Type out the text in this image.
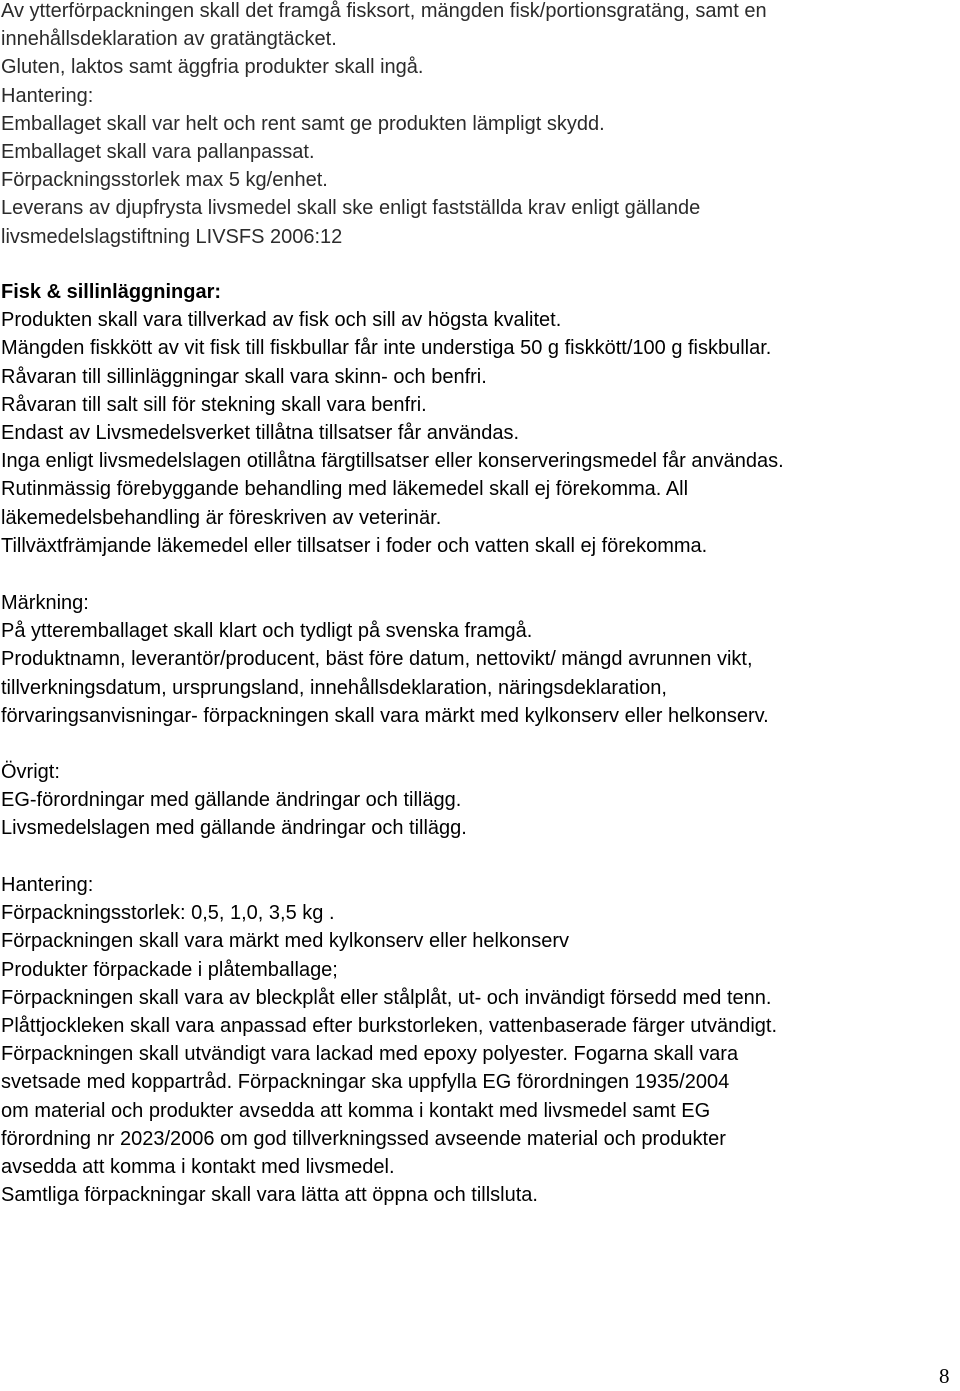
Av ytterförpackningen skall det framgå fisksort, mängden fisk/portionsgratäng, samt en
innehållsdeklaration av gratängtäcket.
Gluten, laktos samt äggfria produkter skall ingå.
Hantering:
Emballaget skall var helt och rent samt ge produkten lämpligt skydd.
Emballaget skall vara pallanpassat.
Förpackningsstorlek max 5 kg/enhet.
Leverans av djupfrysta livsmedel skall ske enligt fastställda krav enligt gällande
livsmedelslagstiftning LIVSFS 2006:12
Fisk & sillinläggningar:
Produkten skall vara tillverkad av fisk och sill av högsta kvalitet.
Mängden fiskkött av vit fisk till fiskbullar får inte understiga 50 g fiskkött/100 g fiskbullar.
Råvaran till sillinläggningar skall vara skinn- och benfri.
Råvaran till salt sill för stekning skall vara benfri.
Endast av Livsmedelsverket tillåtna tillsatser får användas.
Inga enligt livsmedelslagen otillåtna färgtillsatser eller konserveringsmedel får användas.
Rutinmässig förebyggande behandling med läkemedel skall ej förekomma. All
läkemedelsbehandling är föreskriven av veterinär.
Tillväxtfrämjande läkemedel eller tillsatser i foder och vatten skall ej förekomma.
Märkning:
På ytteremballaget skall klart och tydligt på svenska framgå.
Produktnamn, leverantör/producent, bäst före datum, nettovikt/ mängd avrunnen vikt,
tillverkningsdatum, ursprungsland, innehållsdeklaration, näringsdeklaration,
förvaringsanvisningar- förpackningen skall vara märkt med kylkonserv eller helkonserv.
Övrigt:
EG-förordningar med gällande ändringar och tillägg.
Livsmedelslagen med gällande ändringar och tillägg.
Hantering:
Förpackningsstorlek: 0,5, 1,0, 3,5 kg .
Förpackningen skall vara märkt med kylkonserv eller helkonserv
Produkter förpackade i plåtemballage;
Förpackningen skall vara av bleckplåt eller stålplåt, ut- och invändigt försedd med tenn.
Plåttjockleken skall vara anpassad efter burkstorleken, vattenbaserade färger utvändigt.
Förpackningen skall utvändigt vara lackad med epoxy polyester. Fogarna skall vara
svetsade med koppartråd. Förpackningar ska uppfylla EG förordningen 1935/2004
om material och produkter avsedda att komma i kontakt med livsmedel samt EG
förordning nr 2023/2006 om god tillverkningssed avseende material och produkter
avsedda att komma i kontakt med livsmedel.
Samtliga förpackningar skall vara lätta att öppna och tillsluta.
8
